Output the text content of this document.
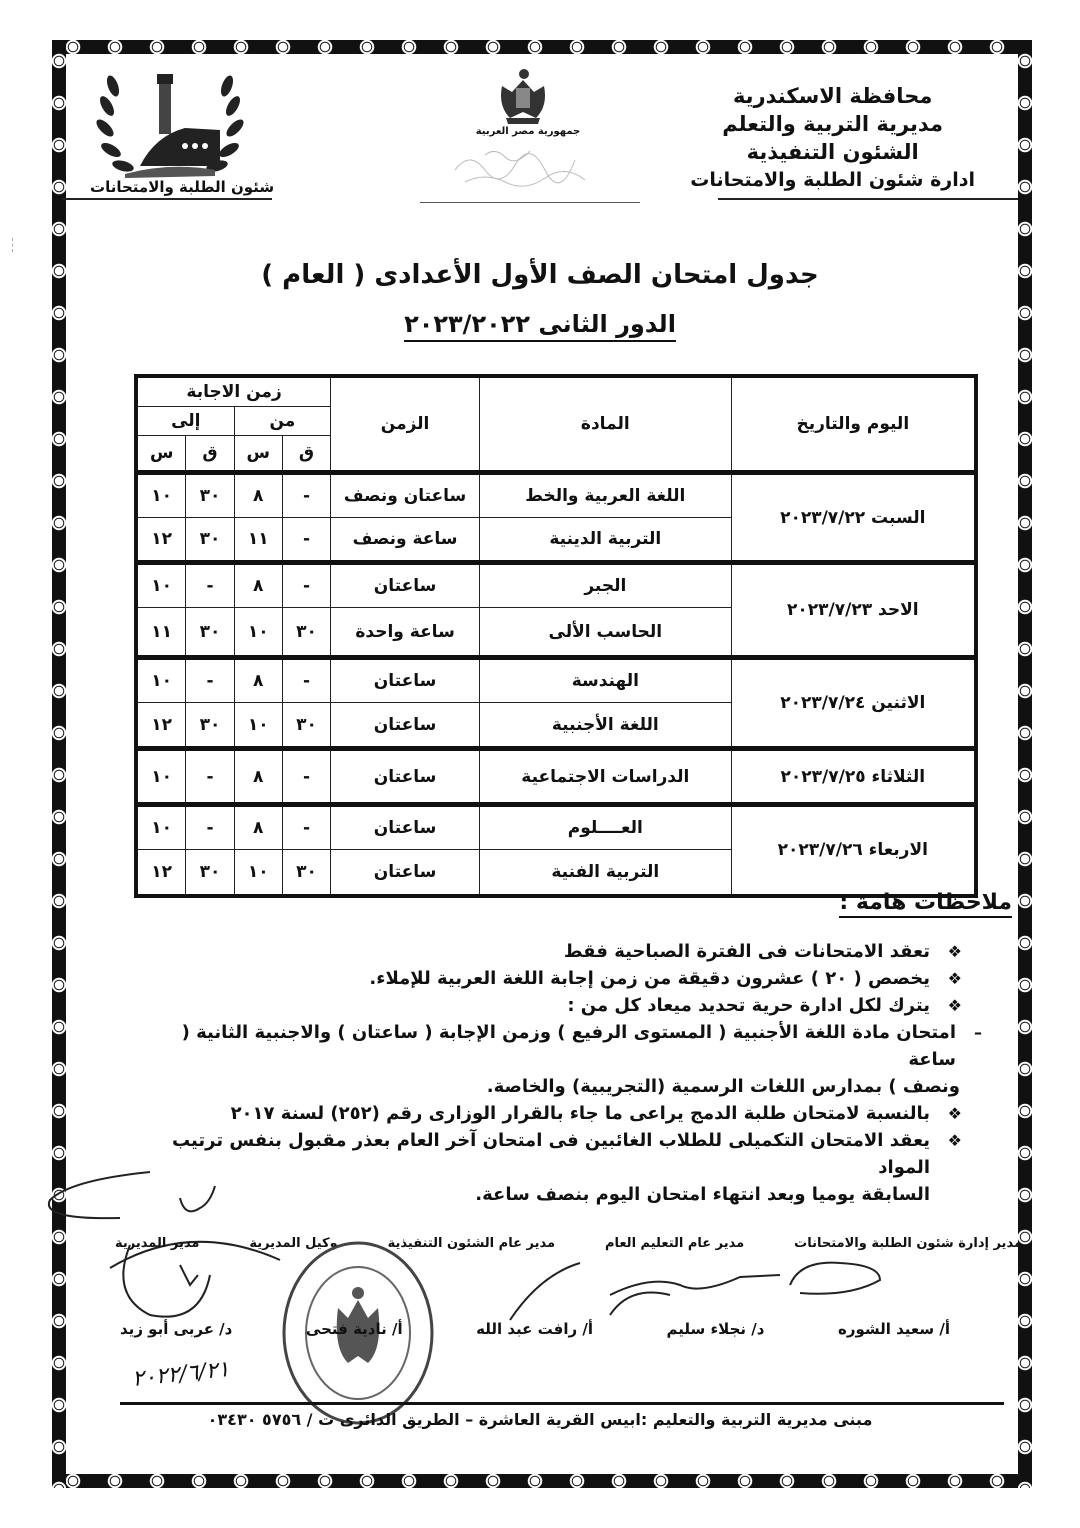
محافظة الاسكندرية
مديرية التربية والتعلم
الشئون التنفيذية
ادارة شئون الطلبة والامتحانات
شئون الطلبة والامتحانات
جمهورية مصر العربية
جدول امتحان الصف الأول الأعدادى ( العام )
الدور الثانى ٢٠٢٣/٢٠٢٢
اليوم والتاريخ	المادة	الزمن	زمن الاجابة			
			من		إلى	
			ق	س	ق	س
السبت ٢٠٢٣/٧/٢٢	اللغة العربية والخط	ساعتان ونصف	-	٨	٣٠	١٠
	التربية الدينية	ساعة ونصف	-	١١	٣٠	١٢
الاحد ٢٠٢٣/٧/٢٣	الجبر	ساعتان	-	٨	-	١٠
	الحاسب الألى	ساعة واحدة	٣٠	١٠	٣٠	١١
الاثنين ٢٠٢٣/٧/٢٤	الهندسة	ساعتان	-	٨	-	١٠
	اللغة الأجنبية	ساعتان	٣٠	١٠	٣٠	١٢
الثلاثاء ٢٠٢٣/٧/٢٥	الدراسات الاجتماعية	ساعتان	-	٨	-	١٠
الاربعاء ٢٠٢٣/٧/٢٦	العــــلوم	ساعتان	-	٨	-	١٠
	التربية الفنية	ساعتان	٣٠	١٠	٣٠	١٢
ملاحظات هامة :
❖
تعقد الامتحانات فى الفترة الصباحية فقط
❖
يخصص ( ٢٠ ) عشرون دقيقة من زمن إجابة اللغة العربية للإملاء.
❖
يترك لكل ادارة حرية تحديد ميعاد كل من :
–
امتحان مادة اللغة الأجنبية ( المستوى الرفيع ) وزمن الإجابة ( ساعتان ) والاجنبية الثانية ( ساعة
ونصف ) بمدارس اللغات الرسمية (التجريبية) والخاصة.
❖
بالنسبة لامتحان طلبة الدمج يراعى ما جاء بالقرار الوزارى رقم (٢٥٢) لسنة ٢٠١٧
❖
يعقد الامتحان التكميلى للطلاب الغائبين فى امتحان آخر العام بعذر مقبول بنفس ترتيب المواد
السابقة يوميا وبعد انتهاء امتحان اليوم بنصف ساعة.
مدير إدارة شئون الطلبة والامتحانات
مدير عام التعليم العام
مدير عام الشئون التنفيذية
وكيل المديرية
مدير المديرية
أ/ سعيد الشوره
د/ نجلاء سليم
أ/ رافت عبد الله
أ/ نادية فتحى
د/ عربى أبو زيد
٢٠٢٢/٦/٢١
مبنى مديرية التربية والتعليم :ابيس القرية العاشرة – الطريق الدائرى ت / ٥٧٥٦ ٠٣٤٣٠
